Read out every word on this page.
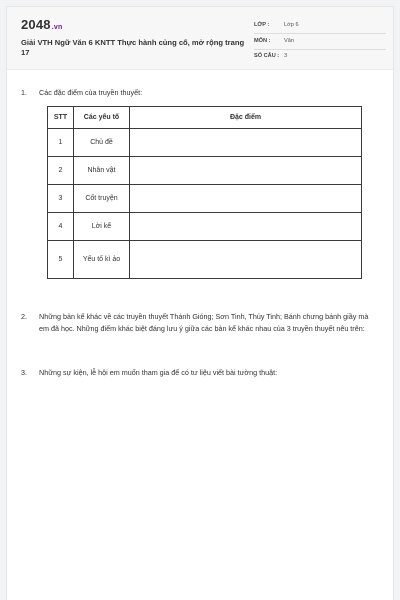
2048.vn
Giải VTH Ngữ Văn 6 KNTT Thực hành củng cố, mở rộng trang 17
LỚP :	Lớp 6
MÔN : Văn
SỐ CÂU : 3
1. Các đặc điểm của truyền thuyết:
STT	Các yếu tố	Đặc điểm
1	Chủ đề	
2	Nhân vật	
3	Cốt truyện	
4	Lời kể	
5	Yếu tố kì ảo	
2. Những bản kể khác về các truyền thuyết Thánh Gióng; Sơn Tinh, Thủy Tinh; Bánh chưng bánh giầy mà em đã học. Những điểm khác biệt đáng lưu ý giữa các bản kể khác nhau của 3 truyền thuyết nêu trên:
3. Những sự kiện, lễ hội em muốn tham gia để có tư liệu viết bài tường thuật:
